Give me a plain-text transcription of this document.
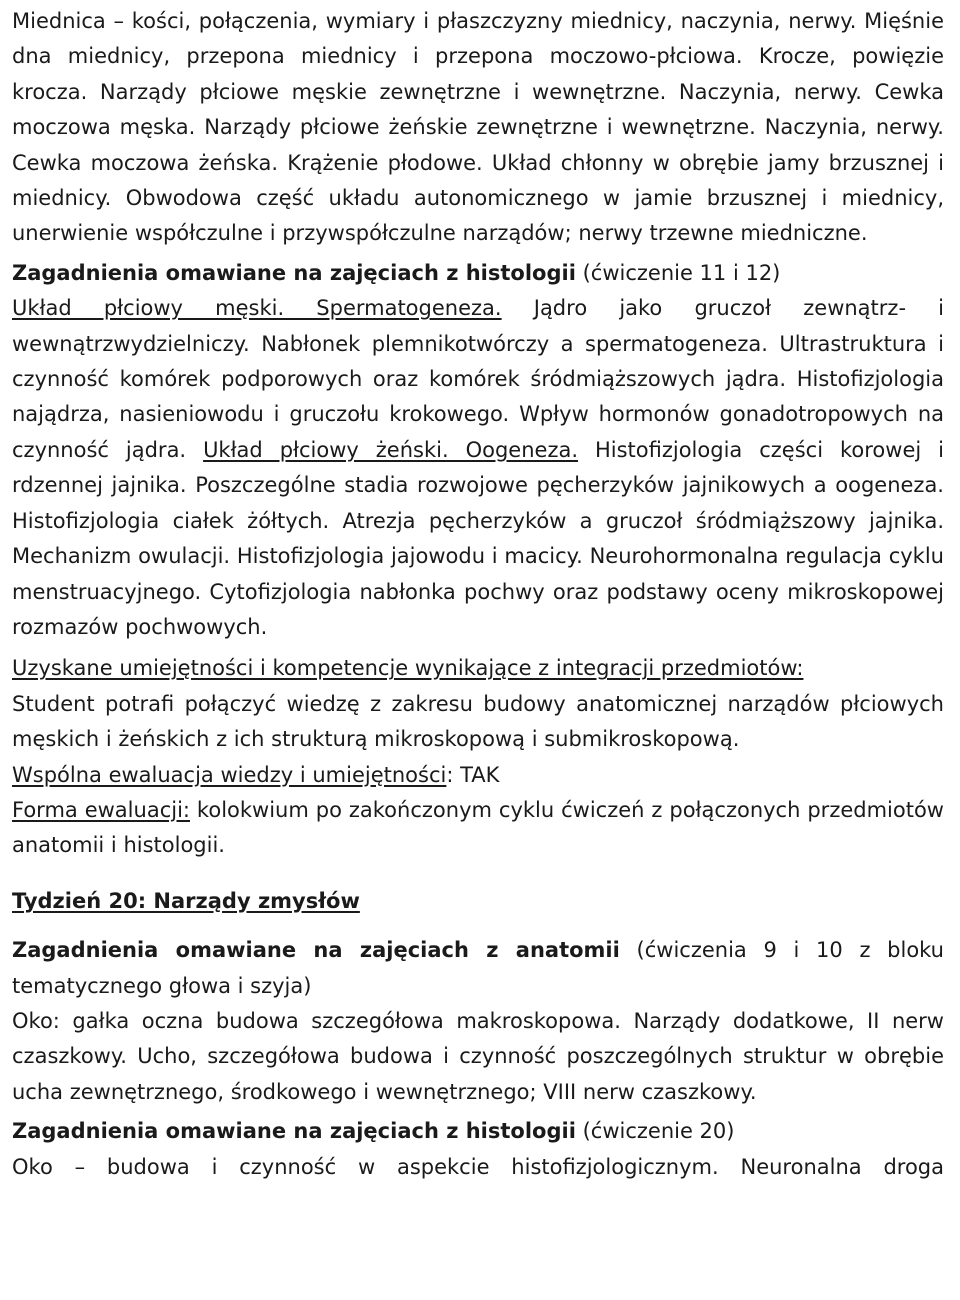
Miednica – kości, połączenia, wymiary i płaszczyzny miednicy, naczynia, nerwy. Mięśnie dna miednicy, przepona miednicy i przepona moczowo-płciowa. Krocze, powięzie krocza. Narządy płciowe męskie zewnętrzne i wewnętrzne. Naczynia, nerwy. Cewka moczowa męska. Narządy płciowe żeńskie zewnętrzne i wewnętrzne. Naczynia, nerwy. Cewka moczowa żeńska. Krążenie płodowe. Układ chłonny w obrębie jamy brzusznej i miednicy. Obwodowa część układu autonomicznego w jamie brzusznej i miednicy, unerwienie współczulne i przywspółczulne narządów; nerwy trzewne miedniczne.

Zagadnienia omawiane na zajęciach z histologii (ćwiczenie 11 i 12)

Układ płciowy męski. Spermatogeneza. Jądro jako gruczoł zewnątrz- i wewnątrzwydzielniczy. Nabłonek plemnikotwórczy a spermatogeneza. Ultrastruktura i czynność komórek podporowych oraz komórek śródmiąższowych jądra. Histofizjologia najądrza, nasieniowodu i gruczołu krokowego. Wpływ hormonów gonadotropowych na czynność jądra. Układ płciowy żeński. Oogeneza. Histofizjologia części korowej i rdzennej jajnika. Poszczególne stadia rozwojowe pęcherzyków jajnikowych a oogeneza. Histofizjologia ciałek żółtych. Atrezja pęcherzyków a gruczoł śródmiąższowy jajnika. Mechanizm owulacji. Histofizjologia jajowodu i macicy. Neurohormonalna regulacja cyklu menstruacyjnego. Cytofizjologia nabłonka pochwy oraz podstawy oceny mikroskopowej rozmazów pochwowych.

Uzyskane umiejętności i kompetencje wynikające z integracji przedmiotów:

Student potrafi połączyć wiedzę z zakresu budowy anatomicznej narządów płciowych męskich i żeńskich z ich strukturą mikroskopową i submikroskopową.

Wspólna ewaluacja wiedzy i umiejętności: TAK

Forma ewaluacji: kolokwium po zakończonym cyklu ćwiczeń z połączonych przedmiotów anatomii i histologii.

Tydzień 20: Narządy zmysłów

Zagadnienia omawiane na zajęciach z anatomii (ćwiczenia 9 i 10 z bloku tematycznego głowa i szyja)

Oko: gałka oczna budowa szczegółowa makroskopowa. Narządy dodatkowe, II nerw czaszkowy. Ucho, szczegółowa budowa i czynność poszczególnych struktur w obrębie ucha zewnętrznego, środkowego i wewnętrznego; VIII nerw czaszkowy.

Zagadnienia omawiane na zajęciach z histologii (ćwiczenie 20)

Oko – budowa i czynność w aspekcie histofizjologicznym. Neuronalna droga
